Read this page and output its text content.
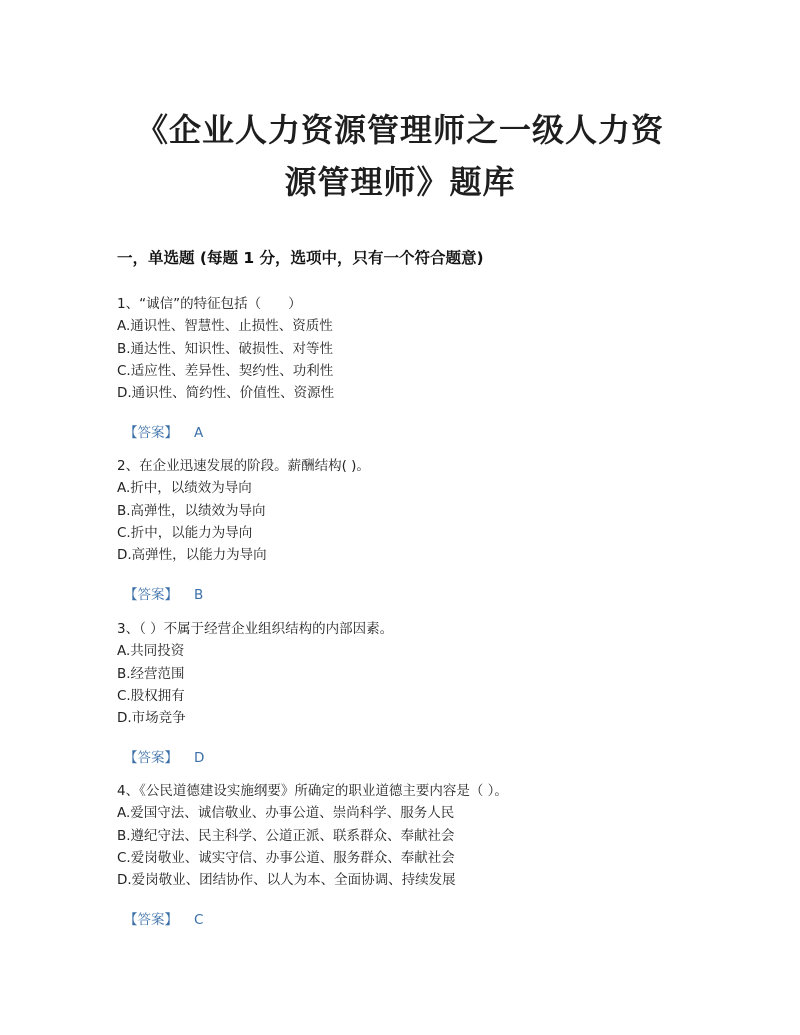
《企业人力资源管理师之一级人力资
源管理师》题库
一，单选题 (每题 1 分，选项中，只有一个符合题意)
1、“诚信”的特征包括（　　）
A.通识性、智慧性、止损性、资质性
B.通达性、知识性、破损性、对等性
C.适应性、差异性、契约性、功利性
D.通识性、简约性、价值性、资源性
【答案】 A
2、在企业迅速发展的阶段。薪酬结构( )。
A.折中，以绩效为导向
B.高弹性，以绩效为导向
C.折中，以能力为导向
D.高弹性，以能力为导向
【答案】 B
3、（ ）不属于经营企业组织结构的内部因素。
A.共同投资
B.经营范围
C.股权拥有
D.市场竞争
【答案】 D
4、《公民道德建设实施纲要》所确定的职业道德主要内容是（ ）。
A.爱国守法、诚信敬业、办事公道、崇尚科学、服务人民
B.遵纪守法、民主科学、公道正派、联系群众、奉献社会
C.爱岗敬业、诚实守信、办事公道、服务群众、奉献社会
D.爱岗敬业、团结协作、以人为本、全面协调、持续发展
【答案】 C
